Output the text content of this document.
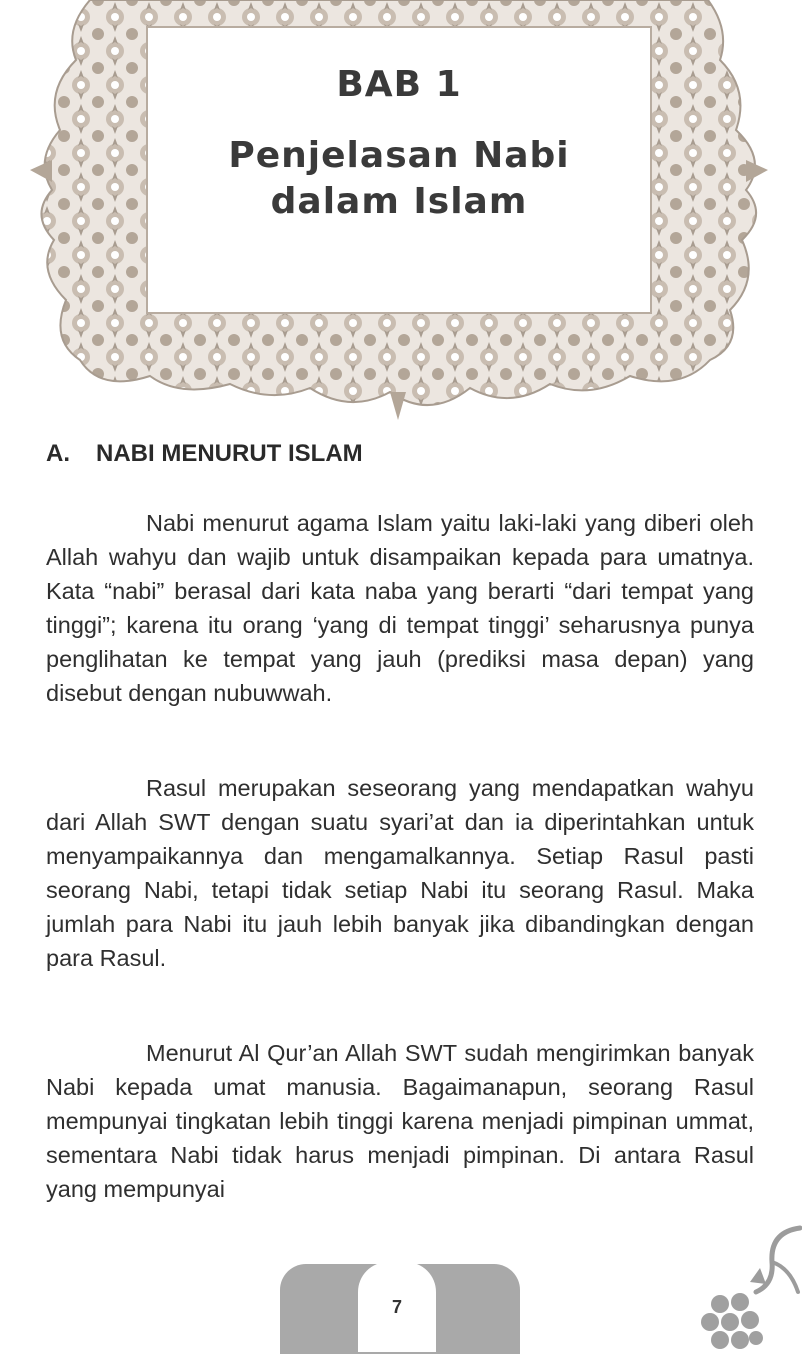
BAB 1
Penjelasan Nabi dalam Islam
A. NABI MENURUT ISLAM

Nabi menurut agama Islam yaitu laki-laki yang diberi oleh Allah wahyu dan wajib untuk disampaikan kepada para umatnya. Kata “nabi” berasal dari kata naba yang berarti “dari tempat yang tinggi”; karena itu orang ‘yang di tempat tinggi’ seharusnya punya penglihatan ke tempat yang jauh (prediksi masa depan) yang disebut dengan nubuwwah.

Rasul merupakan seseorang yang mendapatkan wahyu dari Allah SWT dengan suatu syari’at dan ia diperintahkan untuk menyampaikannya dan mengamalkannya. Setiap Rasul pasti seorang Nabi, tetapi tidak setiap Nabi itu seorang Rasul. Maka jumlah para Nabi itu jauh lebih banyak jika dibandingkan dengan para Rasul.

Menurut Al Qur’an Allah SWT sudah mengirimkan banyak Nabi kepada umat manusia. Bagaimanapun, seorang Rasul mempunyai tingkatan lebih tinggi karena menjadi pimpinan ummat, sementara Nabi tidak harus menjadi pimpinan. Di antara Rasul yang mempunyai

7
